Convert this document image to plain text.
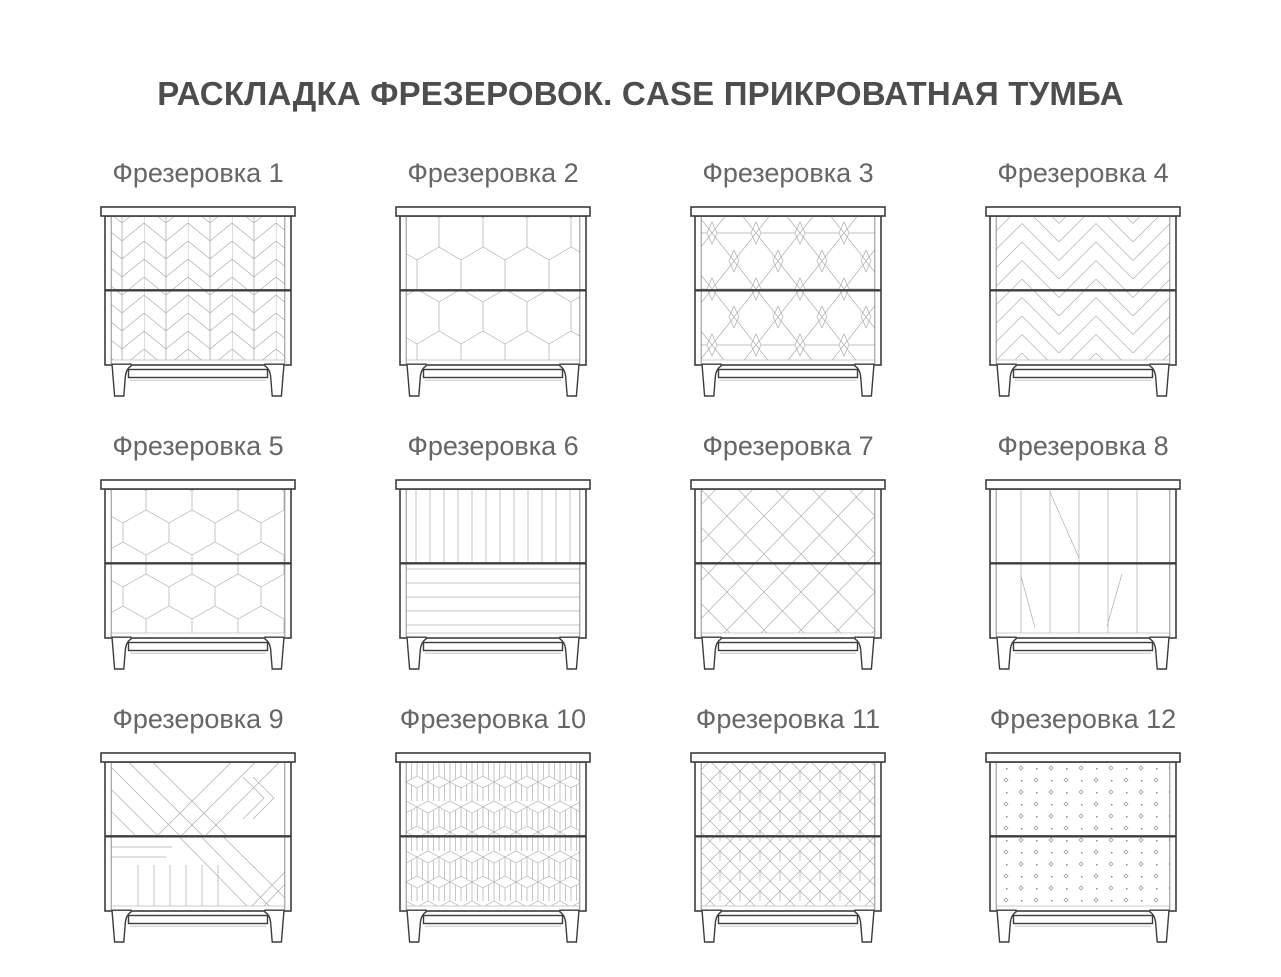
РАСКЛАДКА ФРЕЗЕРОВОК. CASE ПРИКРОВАТНАЯ ТУМБА
Фрезеровка 1	Фрезеровка 2	Фрезеровка 3	Фрезеровка 4
Фрезеровка 5	Фрезеровка 6	Фрезеровка 7	Фрезеровка 8
Фрезеровка 9	Фрезеровка 10	Фрезеровка 11	Фрезеровка 12
